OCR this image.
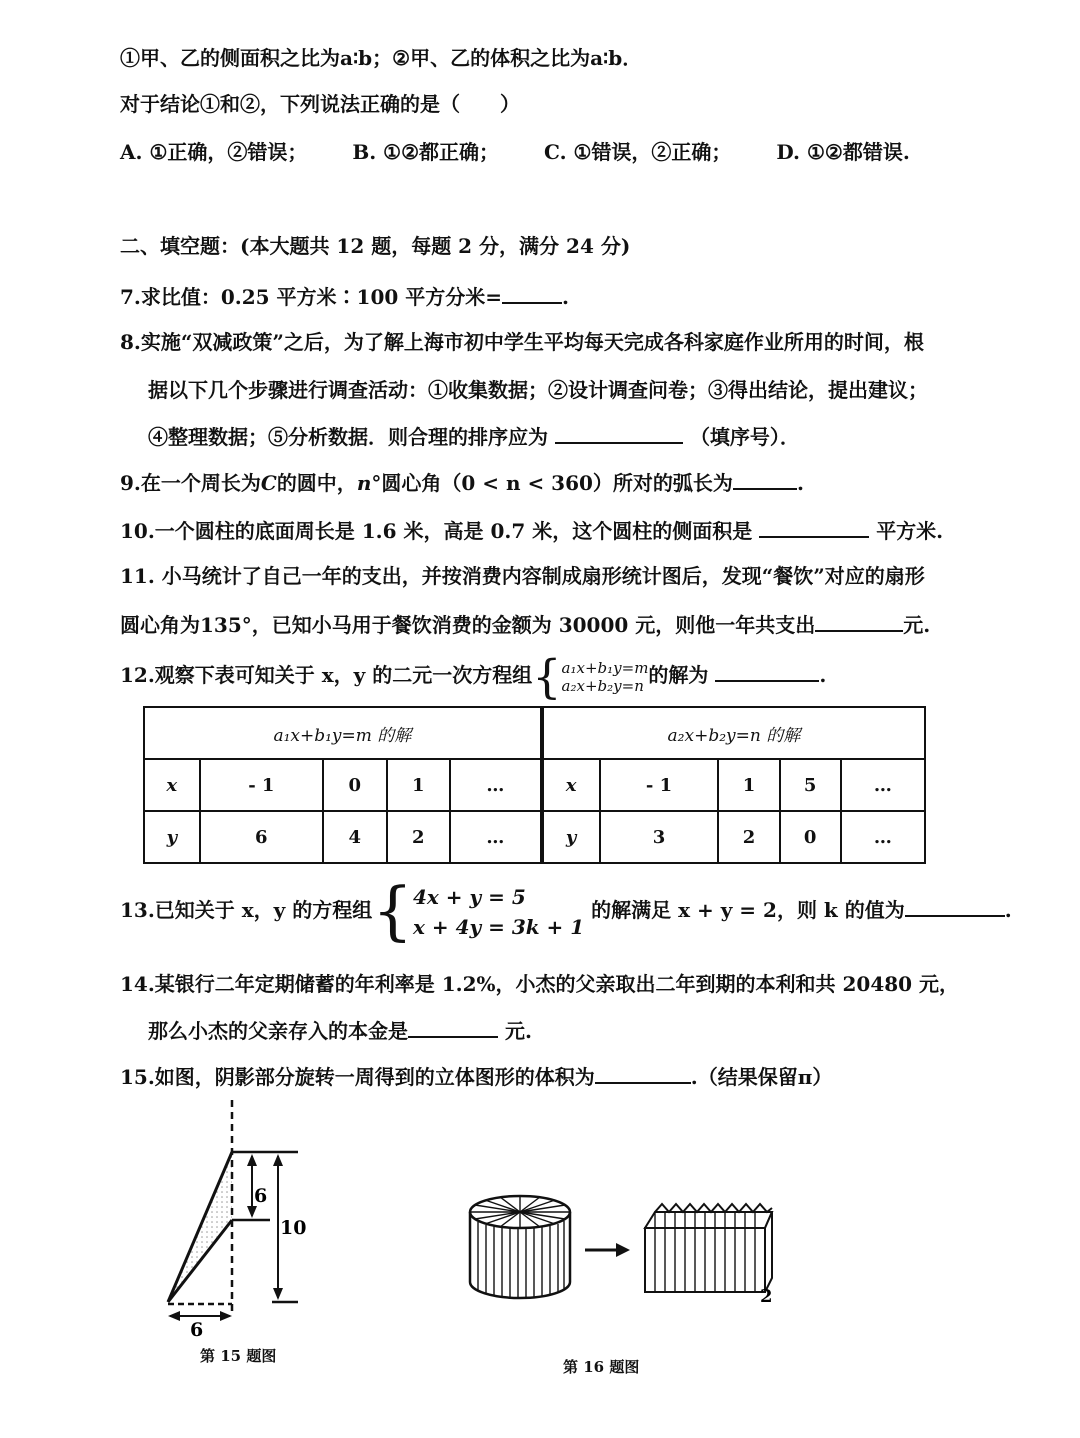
①甲、乙的侧面积之比为a∶b；②甲、乙的体积之比为a∶b．
对于结论①和②，下列说法正确的是（　　）
A. ①正确，②错误； B. ①②都正确； C. ①错误，②正确； D. ①②都错误.
二、填空题：(本大题共 12 题，每题 2 分，满分 24 分)
7.求比值：0.25 平方米∶100 平方分米=	.
8.实施“双减政策”之后，为了解上海市初中学生平均每天完成各科家庭作业所用的时间，根
据以下几个步骤进行调查活动：①收集数据；②设计调查问卷；③得出结论，提出建议；
④整理数据；⑤分析数据．则合理的排序应为	（填序号）．
9.在一个周长为C的圆中，n°圆心角（0 < n < 360）所对的弧长为	.
10.一个圆柱的底面周长是 1.6 米，高是 0.7 米，这个圆柱的侧面积是	平方米.
11. 小马统计了自己一年的支出，并按消费内容制成扇形统计图后，发现“餐饮”对应的扇形
圆心角为135°，已知小马用于餐饮消费的金额为 30000 元，则他一年共支出	元.
12.观察下表可知关于 x，y 的二元一次方程组{a₁x+b₁y=m
a₂x+b₂y=n 的解为	.
a₁x+b₁y=m 的解					a₂x+b₂y=n 的解				
x	- 1	0	1	…	x	- 1	1	5	…
y	6	4	2	…	y	3	2	0	…
13.已知关于 x，y 的方程组{4x + y = 5
x + 4y = 3k + 1 的解满足 x + y = 2，则 k 的值为	.
14.某银行二年定期储蓄的年利率是 1.2%，小杰的父亲取出二年到期的本利和共 20480 元，
那么小杰的父亲存入的本金是	元.
15.如图，阴影部分旋转一周得到的立体图形的体积为	.（结果保留π）
6
10
6
第 15 题图
2
第 16 题图
